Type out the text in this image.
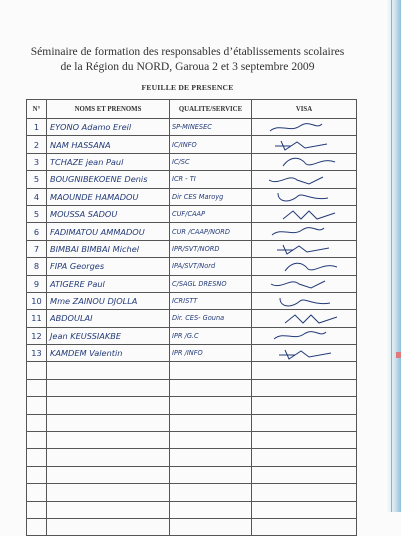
Séminaire de formation des responsables d’établissements scolaires
de la Région du NORD, Garoua 2 et 3 septembre 2009
FEUILLE DE PRESENCE
N°	NOMS ET PRENOMS	QUALITE/SERVICE	VISA
1	EYONO Adamo Ereil	SP-MINESEC	

2	NAM HASSANA	IC/INFO	

3	TCHAZE jean Paul	IC/SC	

5	BOUGNIBEKOENE Denis	ICR - TI	

4	MAOUNDE HAMADOU	Dir CES Maroyg	

5	MOUSSA SADOU	CUF/CAAP	

6	FADIMATOU AMMADOU	CUR /CAAP/NORD	

7	BIMBAI BIMBAI Michel	IPR/SVT/NORD	

8	FIPA Georges	IPA/SVT/Nord	

9	ATIGERE Paul	C/SAGL DRESNO	

10	Mme ZAINOU DJOLLA	ICRISTT	

11	ABDOULAI	Dir. CES- Gouna	

12	Jean KEUSSIAKBE	IPR /G.C	

13	KAMDEM Valentin	IPR /INFO	
